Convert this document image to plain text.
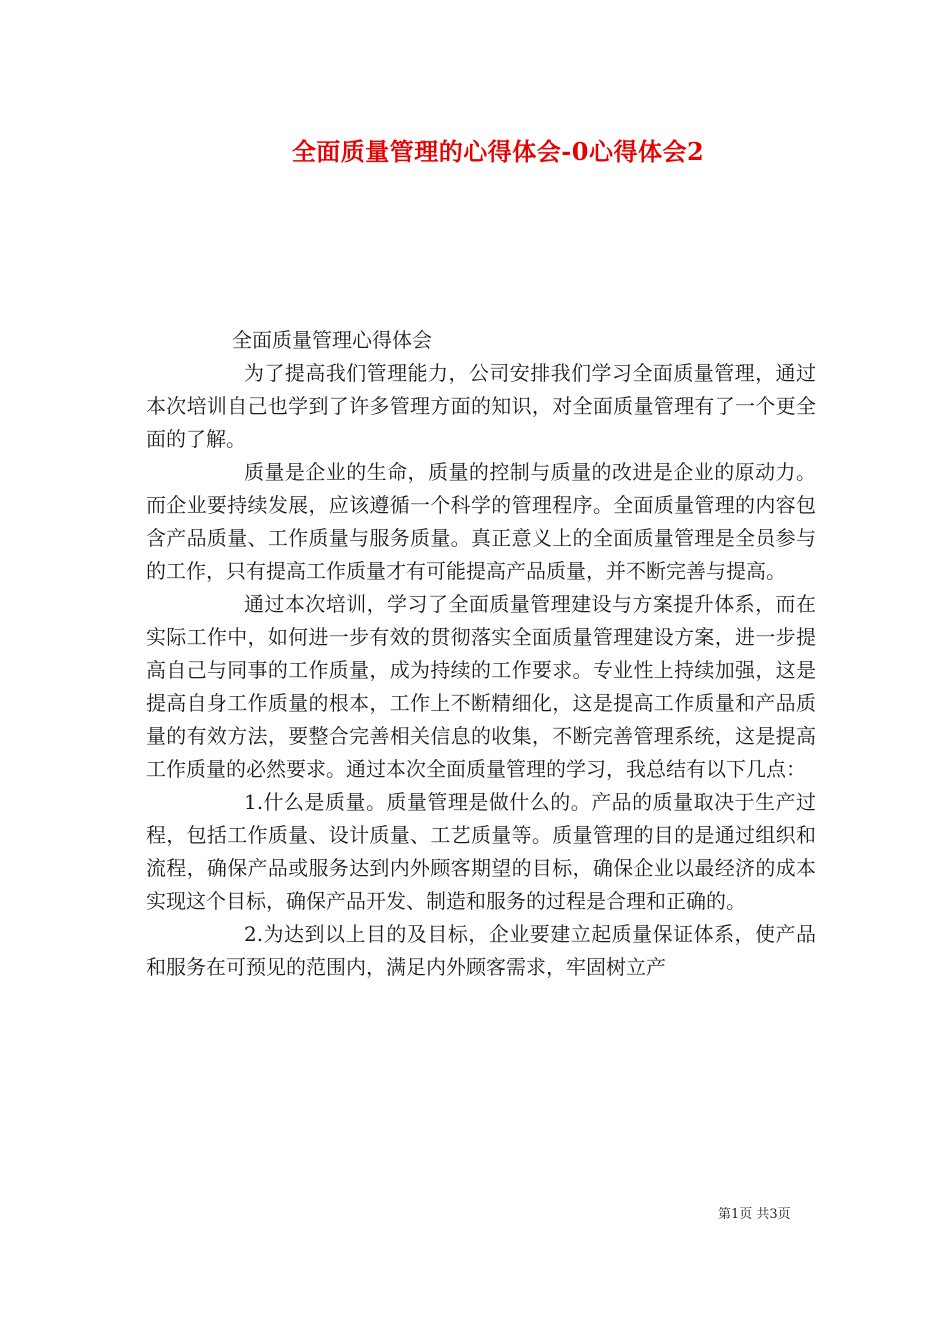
全面质量管理的心得体会-0心得体会2
全面质量管理心得体会

为了提高我们管理能力，公司安排我们学习全面质量管理，通过本次培训自己也学到了许多管理方面的知识，对全面质量管理有了一个更全面的了解。

质量是企业的生命，质量的控制与质量的改进是企业的原动力。而企业要持续发展，应该遵循一个科学的管理程序。全面质量管理的内容包含产品质量、工作质量与服务质量。真正意义上的全面质量管理是全员参与的工作，只有提高工作质量才有可能提高产品质量，并不断完善与提高。

通过本次培训，学习了全面质量管理建设与方案提升体系，而在实际工作中，如何进一步有效的贯彻落实全面质量管理建设方案，进一步提高自己与同事的工作质量，成为持续的工作要求。专业性上持续加强，这是提高自身工作质量的根本，工作上不断精细化，这是提高工作质量和产品质量的有效方法，要整合完善相关信息的收集，不断完善管理系统，这是提高工作质量的必然要求。通过本次全面质量管理的学习，我总结有以下几点：

1.什么是质量。质量管理是做什么的。产品的质量取决于生产过程，包括工作质量、设计质量、工艺质量等。质量管理的目的是通过组织和流程，确保产品或服务达到内外顾客期望的目标，确保企业以最经济的成本实现这个目标，确保产品开发、制造和服务的过程是合理和正确的。

2.为达到以上目的及目标，企业要建立起质量保证体系，使产品和服务在可预见的范围内，满足内外顾客需求，牢固树立产

第1页 共3页
